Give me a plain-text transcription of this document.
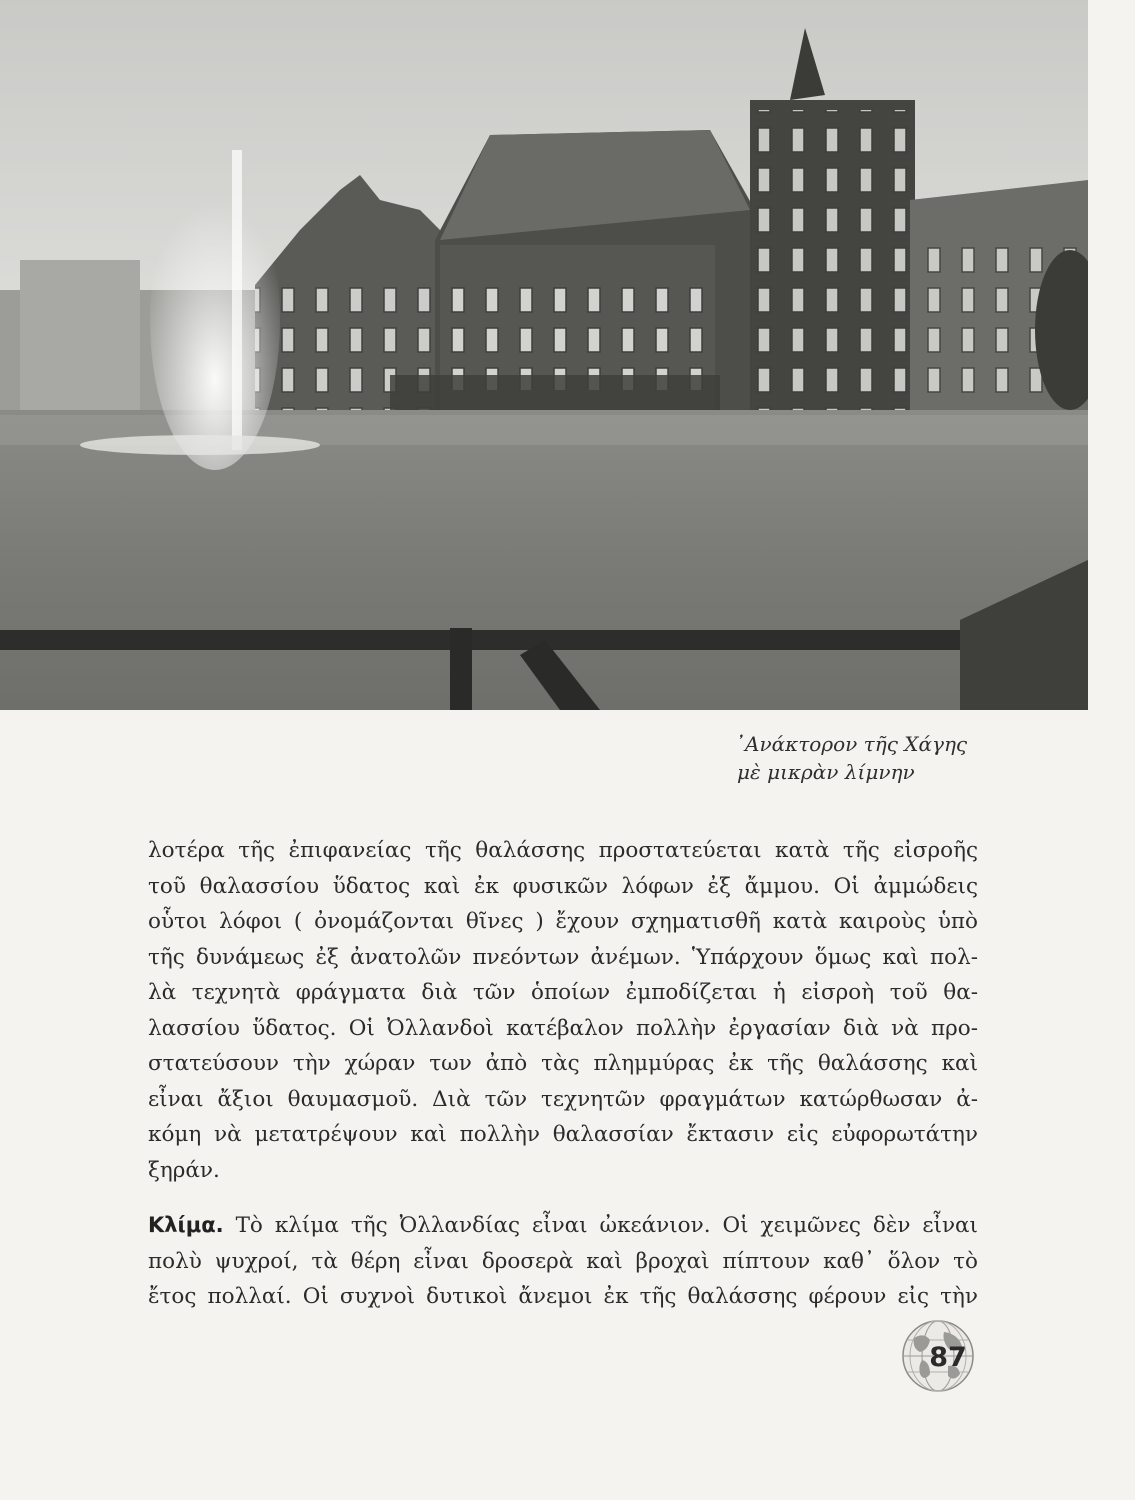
᾿Ανάκτορον τῆς Χάγης
μὲ μικρὰν λίμνην
λοτέρα τῆς ἐπιφανείας τῆς θαλάσσης προστατεύεται κατὰ τῆς εἰσροῆς
τοῦ θαλασσίου ὕδατος καὶ ἐκ φυσικῶν λόφων ἐξ ἄμμου. Οἱ ἀμμώδεις
οὗτοι λόφοι ( ὀνομάζονται θῖνες ) ἔχουν σχηματισθῆ κατὰ καιροὺς ὑπὸ
τῆς δυνάμεως ἐξ ἀνατολῶν πνεόντων ἀνέμων. Ὑπάρχουν ὅμως καὶ πολ-
λὰ τεχνητὰ φράγματα διὰ τῶν ὁποίων ἐμποδίζεται ἡ εἰσροὴ τοῦ θα-
λασσίου ὕδατος. Οἱ Ὀλλανδοὶ κατέβαλον πολλὴν ἐργασίαν διὰ νὰ προ-
στατεύσουν τὴν χώραν των ἀπὸ τὰς πλημμύρας ἐκ τῆς θαλάσσης καὶ
εἶναι ἄξιοι θαυμασμοῦ. Διὰ τῶν τεχνητῶν φραγμάτων κατώρθωσαν ἀ-
κόμη νὰ μετατρέψουν καὶ πολλὴν θαλασσίαν ἔκτασιν εἰς εὐφορωτάτην
ξηράν.
Κλίμα. Τὸ κλίμα τῆς Ὀλλανδίας εἶναι ὠκεάνιον. Οἱ χειμῶνες δὲν εἶναι
πολὺ ψυχροί, τὰ θέρη εἶναι δροσερὰ καὶ βροχαὶ πίπτουν καθ᾿ ὅλον τὸ
ἔτος πολλαί. Οἱ συχνοὶ δυτικοὶ ἄνεμοι ἐκ τῆς θαλάσσης φέρουν εἰς τὴν
87
